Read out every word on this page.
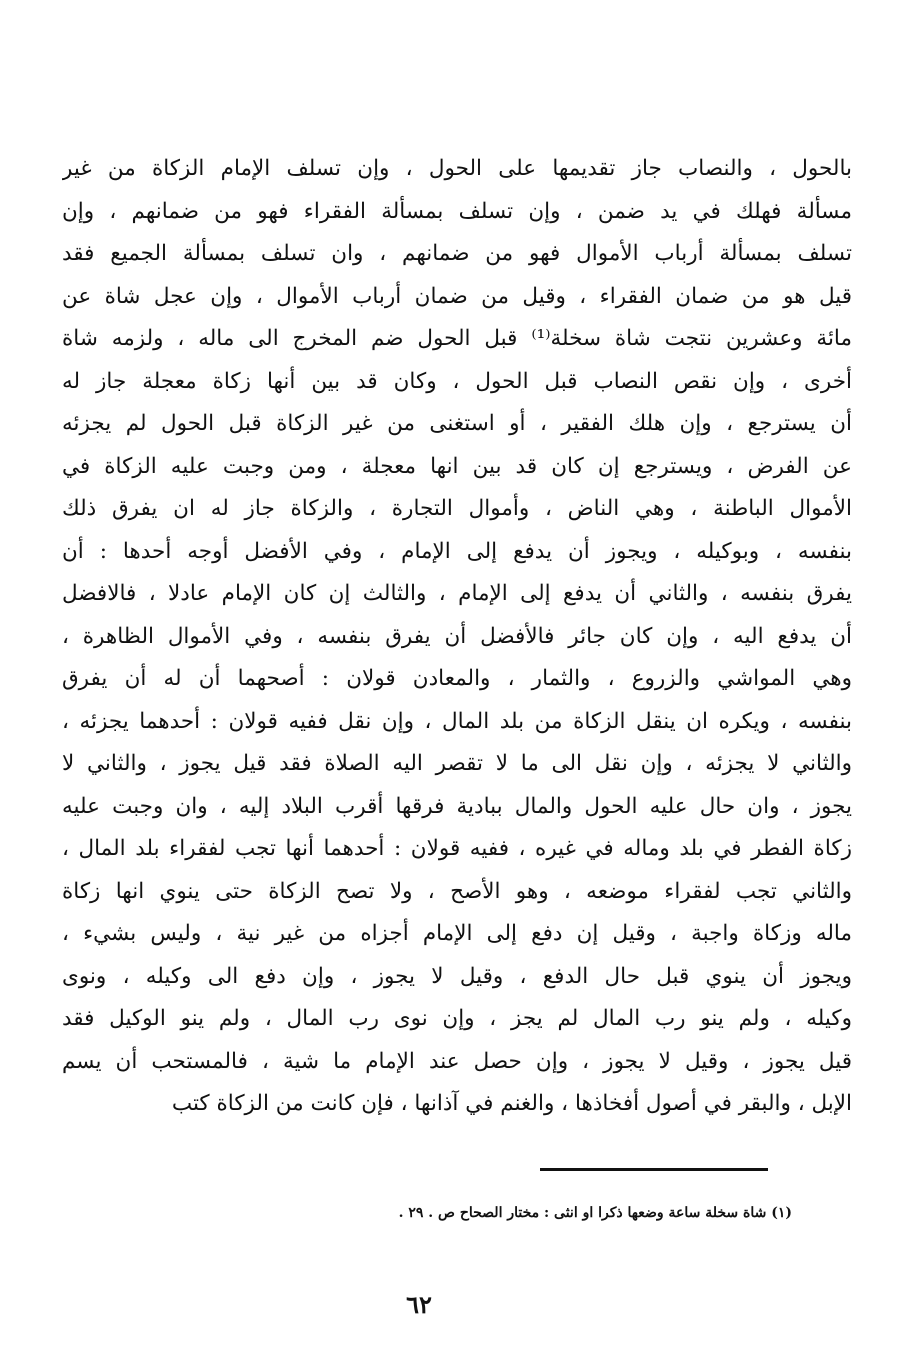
بالحول ، والنصاب جاز تقديمها على الحول ، وإن تسلف الإمام الزكاة من غير
مسألة فهلك في يد ضمن ، وإن تسلف بمسألة الفقراء فهو من ضمانهم ، وإن
تسلف بمسألة أرباب الأموال فهو من ضمانهم ، وان تسلف بمسألة الجميع فقد
قيل هو من ضمان الفقراء ، وقيل من ضمان أرباب الأموال ، وإن عجل شاة عن
مائة وعشرين نتجت شاة سخلة⁽¹⁾ قبل الحول ضم المخرج الى ماله ، ولزمه شاة
أخرى ، وإن نقص النصاب قبل الحول ، وكان قد بين أنها زكاة معجلة جاز له
أن يسترجع ، وإن هلك الفقير ، أو استغنى من غير الزكاة قبل الحول لم يجزئه
عن الفرض ، ويسترجع إن كان قد بين انها معجلة ، ومن وجبت عليه الزكاة في
الأموال الباطنة ، وهي الناض ، وأموال التجارة ، والزكاة جاز له ان يفرق ذلك
بنفسه ، وبوكيله ، ويجوز أن يدفع إلى الإمام ، وفي الأفضل أوجه أحدها : أن
يفرق بنفسه ، والثاني أن يدفع إلى الإمام ، والثالث إن كان الإمام عادلا ، فالافضل
أن يدفع اليه ، وإن كان جائر فالأفضل أن يفرق بنفسه ، وفي الأموال الظاهرة ،
وهي المواشي والزروع ، والثمار ، والمعادن قولان : أصحهما أن له أن يفرق
بنفسه ، ويكره ان ينقل الزكاة من بلد المال ، وإن نقل ففيه قولان : أحدهما يجزئه ،
والثاني لا يجزئه ، وإن نقل الى ما لا تقصر اليه الصلاة فقد قيل يجوز ، والثاني لا
يجوز ، وان حال عليه الحول والمال ببادية فرقها أقرب البلاد إليه ، وان وجبت عليه
زكاة الفطر في بلد وماله في غيره ، ففيه قولان : أحدهما أنها تجب لفقراء بلد المال ،
والثاني تجب لفقراء موضعه ، وهو الأصح ، ولا تصح الزكاة حتى ينوي انها زكاة
ماله وزكاة واجبة ، وقيل إن دفع إلى الإمام أجزاه من غير نية ، وليس بشيء ،
ويجوز أن ينوي قبل حال الدفع ، وقيل لا يجوز ، وإن دفع الى وكيله ، ونوى
وكيله ، ولم ينو رب المال لم يجز ، وإن نوى رب المال ، ولم ينو الوكيل فقد
قيل يجوز ، وقيل لا يجوز ، وإن حصل عند الإمام ما شية ، فالمستحب أن يسم
الإبل ، والبقر في أصول أفخاذها ، والغنم في آذانها ، فإن كانت من الزكاة كتب
(١) شاة سخلة ساعة وضعها ذكرا او انثى : مختار الصحاح ص . ٢٩ .
٦٢
